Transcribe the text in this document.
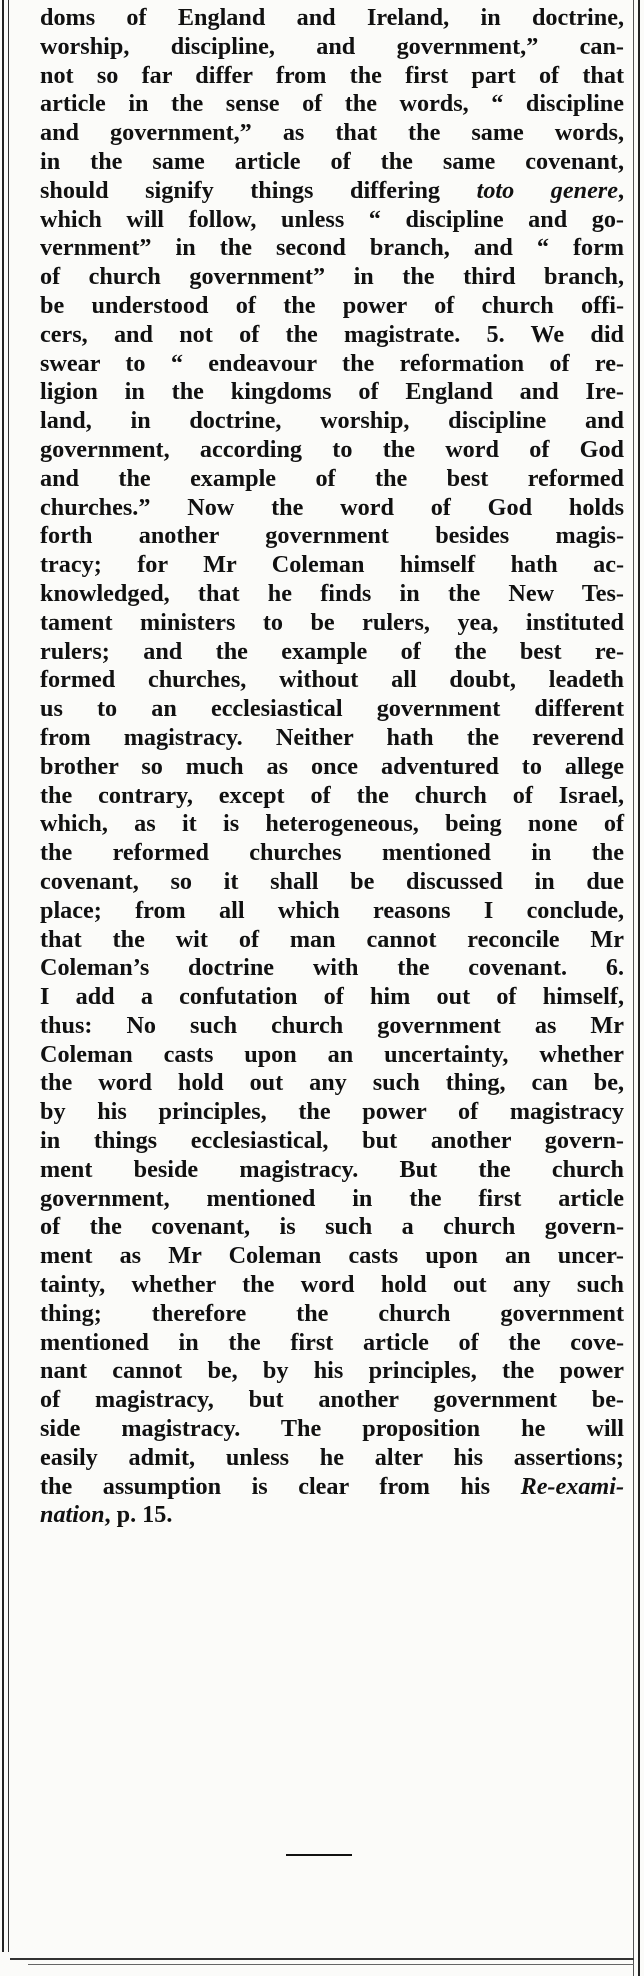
doms of England and Ireland, in doctrine,
worship, discipline, and government,” can-
not so far differ from the first part of that
article in the sense of the words, “ discipline
and government,” as that the same words,
in the same article of the same covenant,
should signify things differing toto genere,
which will follow, unless “ discipline and go-
vernment” in the second branch, and “ form
of church government” in the third branch,
be understood of the power of church offi-
cers, and not of the magistrate. 5. We did
swear to “ endeavour the reformation of re-
ligion in the kingdoms of England and Ire-
land, in doctrine, worship, discipline and
government, according to the word of God
and the example of the best reformed
churches.” Now the word of God holds
forth another government besides magis-
tracy; for Mr Coleman himself hath ac-
knowledged, that he finds in the New Tes-
tament ministers to be rulers, yea, instituted
rulers; and the example of the best re-
formed churches, without all doubt, leadeth
us to an ecclesiastical government different
from magistracy. Neither hath the reverend
brother so much as once adventured to allege
the contrary, except of the church of Israel,
which, as it is heterogeneous, being none of
the reformed churches mentioned in the
covenant, so it shall be discussed in due
place; from all which reasons I conclude,
that the wit of man cannot reconcile Mr
Coleman’s doctrine with the covenant. 6.
I add a confutation of him out of himself,
thus: No such church government as Mr
Coleman casts upon an uncertainty, whether
the word hold out any such thing, can be,
by his principles, the power of magistracy
in things ecclesiastical, but another govern-
ment beside magistracy. But the church
government, mentioned in the first article
of the covenant, is such a church govern-
ment as Mr Coleman casts upon an uncer-
tainty, whether the word hold out any such
thing; therefore the church government
mentioned in the first article of the cove-
nant cannot be, by his principles, the power
of magistracy, but another government be-
side magistracy. The proposition he will
easily admit, unless he alter his assertions;
the assumption is clear from his Re-exami-
nation, p. 15.
